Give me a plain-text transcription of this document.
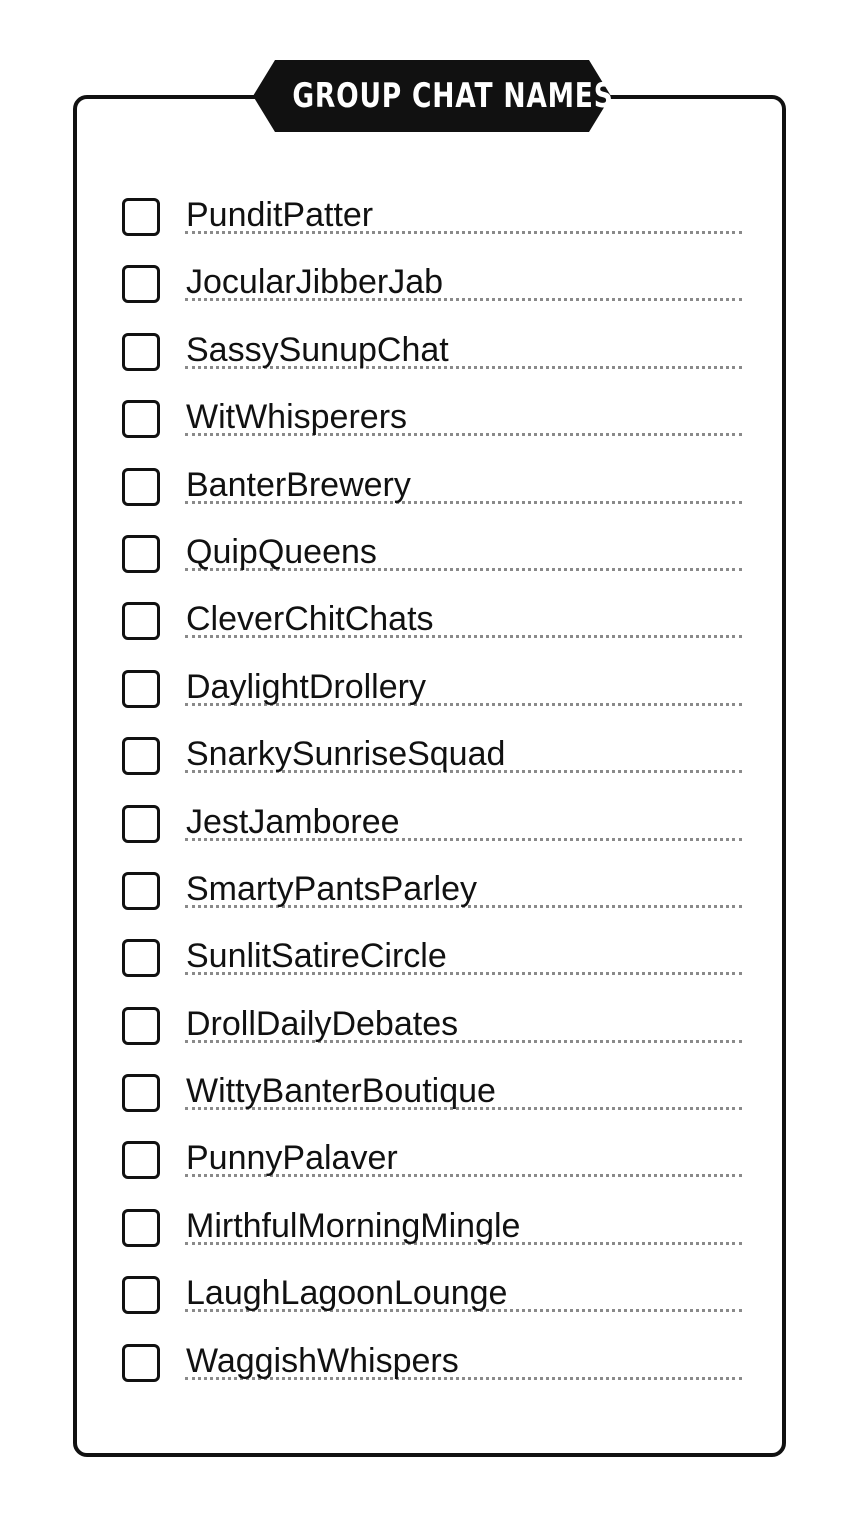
GROUP CHAT NAMES
PunditPatter
JocularJibberJab
SassySunupChat
WitWhisperers
BanterBrewery
QuipQueens
CleverChitChats
DaylightDrollery
SnarkySunriseSquad
JestJamboree
SmartyPantsParley
SunlitSatireCircle
DrollDailyDebates
WittyBanterBoutique
PunnyPalaver
MirthfulMorningMingle
LaughLagoonLounge
WaggishWhispers
